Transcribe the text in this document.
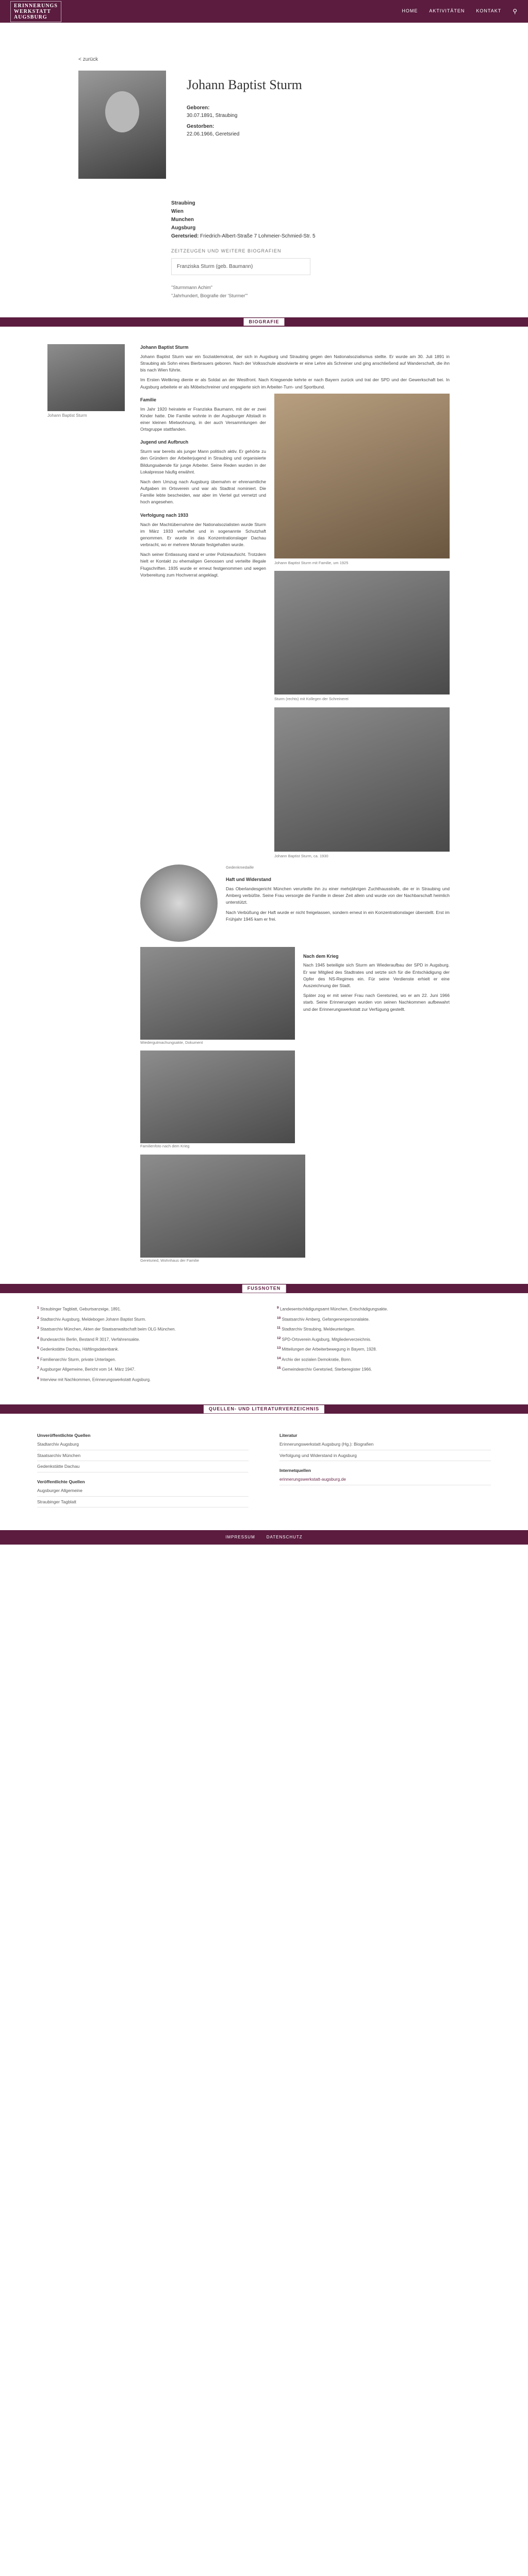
ERINNERUNGS
WERKSTATT
AUGSBURG
HOME AKTIVITÄTEN KONTAKT ⚲
< zurück
Johann Baptist Sturm
Geboren:
30.07.1891, Straubing
Gestorben:
22.06.1966, Geretsried
Straubing
Wien
Munchen
Augsburg
Geretsried: Friedrich-Albert-Straße 7 Lohmeier-Schmied-Str. 5
ZEITZEUGEN UND WEITERE BIOGRAFIEN
Franziska Sturm (geb. Baumann)
"Sturmmann Achim"
"Jahrhundert, Biografie der 'Sturmer'"
BIOGRAFIE
Johann Baptist Sturm
Johann Baptist Sturm

Johann Baptist Sturm war ein Sozialdemokrat, der sich in Augsburg und Straubing gegen den Nationalsozialismus stellte. Er wurde am 30. Juli 1891 in Straubing als Sohn eines Bierbrauers geboren. Nach der Volksschule absolvierte er eine Lehre als Schreiner und ging anschließend auf Wanderschaft, die ihn bis nach Wien führte.

Im Ersten Weltkrieg diente er als Soldat an der Westfront. Nach Kriegsende kehrte er nach Bayern zurück und trat der SPD und der Gewerkschaft bei. In Augsburg arbeitete er als Möbelschreiner und engagierte sich im Arbeiter-Turn- und Sportbund.

Johann Baptist Sturm mit Familie, um 1925
Familie

Im Jahr 1920 heiratete er Franziska Baumann, mit der er zwei Kinder hatte. Die Familie wohnte in der Augsburger Altstadt in einer kleinen Mietwohnung, in der auch Versammlungen der Ortsgruppe stattfanden.

Jugend und Aufbruch

Sturm war bereits als junger Mann politisch aktiv. Er gehörte zu den Gründern der Arbeiterjugend in Straubing und organisierte Bildungsabende für junge Arbeiter. Seine Reden wurden in der Lokalpresse häufig erwähnt.

Nach dem Umzug nach Augsburg übernahm er ehrenamtliche Aufgaben im Ortsverein und war als Stadtrat nominiert. Die Familie lebte bescheiden, war aber im Viertel gut vernetzt und hoch angesehen.

Sturm (rechts) mit Kollegen der Schreinerei
Johann Baptist Sturm, ca. 1930
Verfolgung nach 1933

Nach der Machtübernahme der Nationalsozialisten wurde Sturm im März 1933 verhaftet und in sogenannte Schutzhaft genommen. Er wurde in das Konzentrationslager Dachau verbracht, wo er mehrere Monate festgehalten wurde.

Nach seiner Entlassung stand er unter Polizeiaufsicht. Trotzdem hielt er Kontakt zu ehemaligen Genossen und verteilte illegale Flugschriften. 1935 wurde er erneut festgenommen und wegen Vorbereitung zum Hochverrat angeklagt.

Gedenkmedaille

Haft und Widerstand

Das Oberlandesgericht München verurteilte ihn zu einer mehrjährigen Zuchthausstrafe, die er in Straubing und Amberg verbüßte. Seine Frau versorgte die Familie in dieser Zeit allein und wurde von der Nachbarschaft heimlich unterstützt.

Nach Verbüßung der Haft wurde er nicht freigelassen, sondern erneut in ein Konzentrationslager überstellt. Erst im Frühjahr 1945 kam er frei.

Wiedergutmachungsakte, Dokument
Familienfoto nach dem Krieg
Nach dem Krieg

Nach 1945 beteiligte sich Sturm am Wiederaufbau der SPD in Augsburg. Er war Mitglied des Stadtrates und setzte sich für die Entschädigung der Opfer des NS-Regimes ein. Für seine Verdienste erhielt er eine Auszeichnung der Stadt.

Später zog er mit seiner Frau nach Geretsried, wo er am 22. Juni 1966 starb. Seine Erinnerungen wurden von seinen Nachkommen aufbewahrt und der Erinnerungswerkstatt zur Verfügung gestellt.

Geretsried, Wohnhaus der Familie
FUSSNOTEN

$^1$ Straubinger Tagblatt, Geburtsanzeige, 1891.

$^2$ Stadtarchiv Augsburg, Meldebogen Johann Baptist Sturm.

$^3$ Staatsarchiv München, Akten der Staatsanwaltschaft beim OLG München.

$^4$ Bundesarchiv Berlin, Bestand R 3017, Verfahrensakte.

$^5$ Gedenkstätte Dachau, Häftlingsdatenbank.

$^6$ Familienarchiv Sturm, private Unterlagen.

$^7$ Augsburger Allgemeine, Bericht vom 14. März 1947.

$^8$ Interview mit Nachkommen, Erinnerungswerkstatt Augsburg.

$^9$ Landesentschädigungsamt München, Entschädigungsakte.

$^{10}$ Staatsarchiv Amberg, Gefangenenpersonalakte.

$^{11}$ Stadtarchiv Straubing, Meldeunterlagen.

$^{12}$ SPD-Ortsverein Augsburg, Mitgliederverzeichnis.

$^{13}$ Mitteilungen der Arbeiterbewegung in Bayern, 1928.

$^{14}$ Archiv der sozialen Demokratie, Bonn.

$^{15}$ Gemeindearchiv Geretsried, Sterberegister 1966.

QUELLEN- UND LITERATURVERZEICHNIS
Unveröffentlichte Quellen
Stadtarchiv Augsburg
Staatsarchiv München
Gedenkstätte Dachau
Veröffentlichte Quellen
Augsburger Allgemeine
Straubinger Tagblatt
Literatur
Erinnerungswerkstatt Augsburg (Hg.): Biografien
Verfolgung und Widerstand in Augsburg
Internetquellen
erinnerungswerkstatt-augsburg.de
IMPRESSUM	DATENSCHUTZ
